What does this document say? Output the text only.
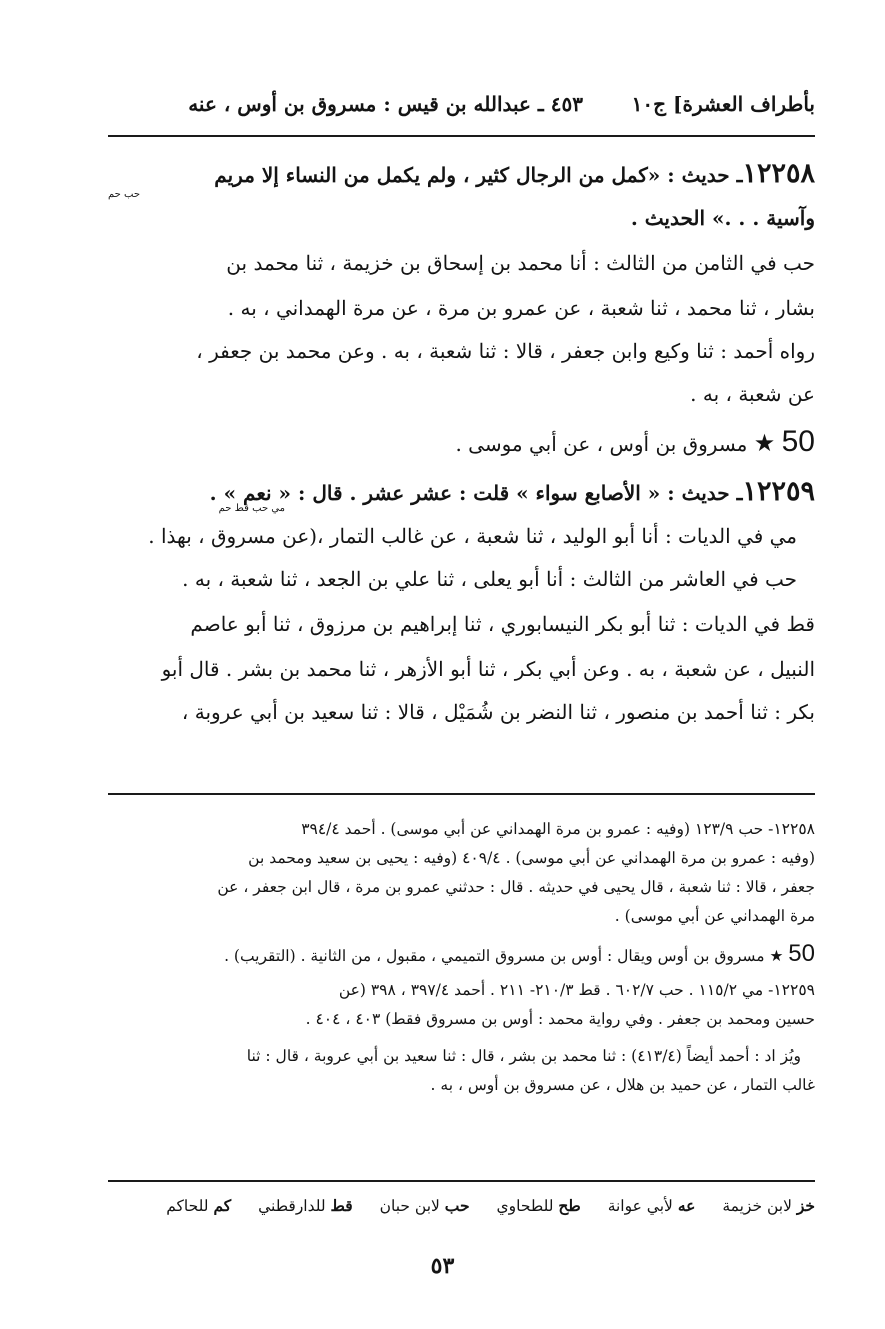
بأطراف العشرة] ج١٠
٤٥٣ ـ عبدالله بن قيس : مسروق بن أوس ، عنه
١٢٢٥٨ـ حديث : «كمل من الرجال كثير ، ولم يكمل من النساء إلا مريم
حب حم
وآسية . . .» الحديث .
حب في الثامن من الثالث : أنا محمد بن إسحاق بن خزيمة ، ثنا محمد بن
بشار ، ثنا محمد ، ثنا شعبة ، عن عمرو بن مرة ، عن مرة الهمداني ، به .
رواه أحمد : ثنا وكيع وابن جعفر ، قالا : ثنا شعبة ، به . وعن محمد بن جعفر ،
عن شعبة ، به .
50 ★ مسروق بن أوس ، عن أبي موسى .
١٢٢٥٩ـ حديث : « الأصابع سواء » قلت : عشر عشر . قال : « نعم » .
مي حب قط حم
مي في الديات : أنا أبو الوليد ، ثنا شعبة ، عن غالب التمار ،(عن مسروق ، بهذا .
حب في العاشر من الثالث : أنا أبو يعلى ، ثنا علي بن الجعد ، ثنا شعبة ، به .
قط في الديات : ثنا أبو بكر النيسابوري ، ثنا إبراهيم بن مرزوق ، ثنا أبو عاصم
النبيل ، عن شعبة ، به . وعن أبي بكر ، ثنا أبو الأزهر ، ثنا محمد بن بشر . قال أبو
بكر : ثنا أحمد بن منصور ، ثنا النضر بن شُمَيْل ، قالا : ثنا سعيد بن أبي عروبة ،
١٢٢٥٨- حب ١٢٣/٩ (وفيه : عمرو بن مرة الهمداني عن أبي موسى) . أحمد ٣٩٤/٤
(وفيه : عمرو بن مرة الهمداني عن أبي موسى) . ٤٠٩/٤ (وفيه : يحيى بن سعيد ومحمد بن
جعفر ، قالا : ثنا شعبة ، قال يحيى في حديثه . قال : حدثني عمرو بن مرة ، قال ابن جعفر ، عن
مرة الهمداني عن أبي موسى) .
50 ★ مسروق بن أوس ويقال : أوس بن مسروق التميمي ، مقبول ، من الثانية . (التقريب) .
١٢٢٥٩- مي ١١٥/٢ . حب ٦٠٢/٧ . قط ٢١٠/٣- ٢١١ . أحمد ٣٩٧/٤ ، ٣٩٨ (عن
حسين ومحمد بن جعفر . وفي رواية محمد : أوس بن مسروق فقط) ٤٠٣ ، ٤٠٤ .
ويُز اد : أحمد أيضاً (٤١٣/٤) : ثنا محمد بن بشر ، قال : ثنا سعيد بن أبي عروبة ، قال : ثنا
غالب التمار ، عن حميد بن هلال ، عن مسروق بن أوس ، به .
خز لابن خزيمة عه لأبي عوانة طح للطحاوي حب لابن حبان قط للدارقطني كم للحاكم
٥٣
